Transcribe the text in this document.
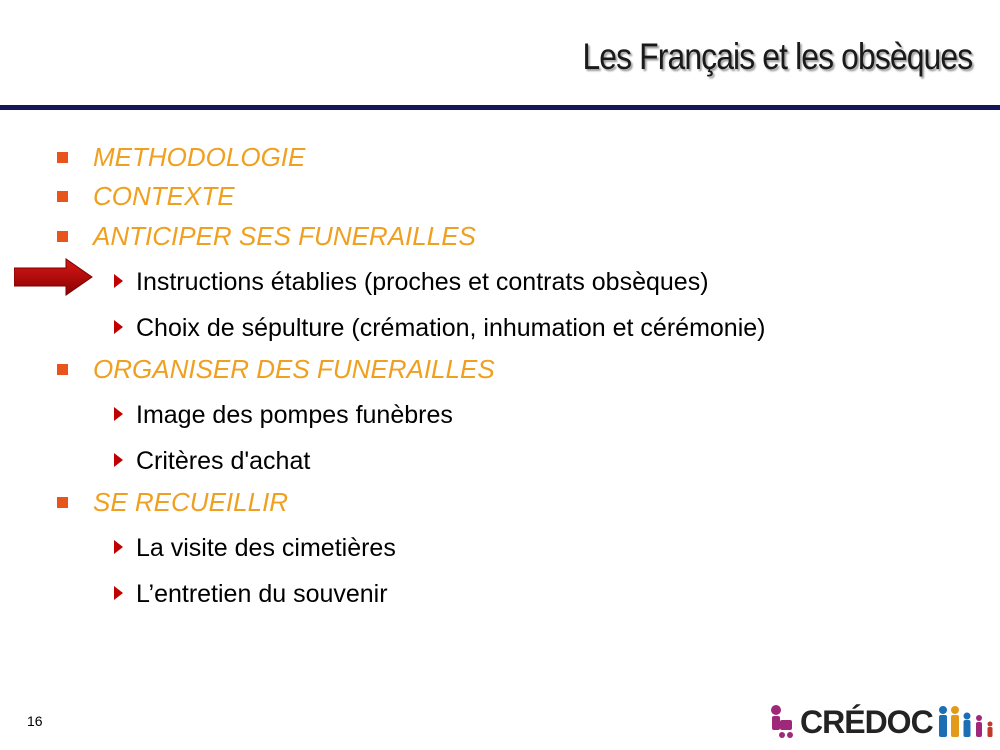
Les Français et les obsèques
METHODOLOGIE
CONTEXTE
ANTICIPER SES FUNERAILLES
Instructions établies (proches et contrats obsèques)
Choix de sépulture (crémation, inhumation et cérémonie)
ORGANISER DES FUNERAILLES
Image des pompes funèbres
Critères d'achat
SE RECUEILLIR
La visite des cimetières
L’entretien du souvenir
16	CRÉDOC
